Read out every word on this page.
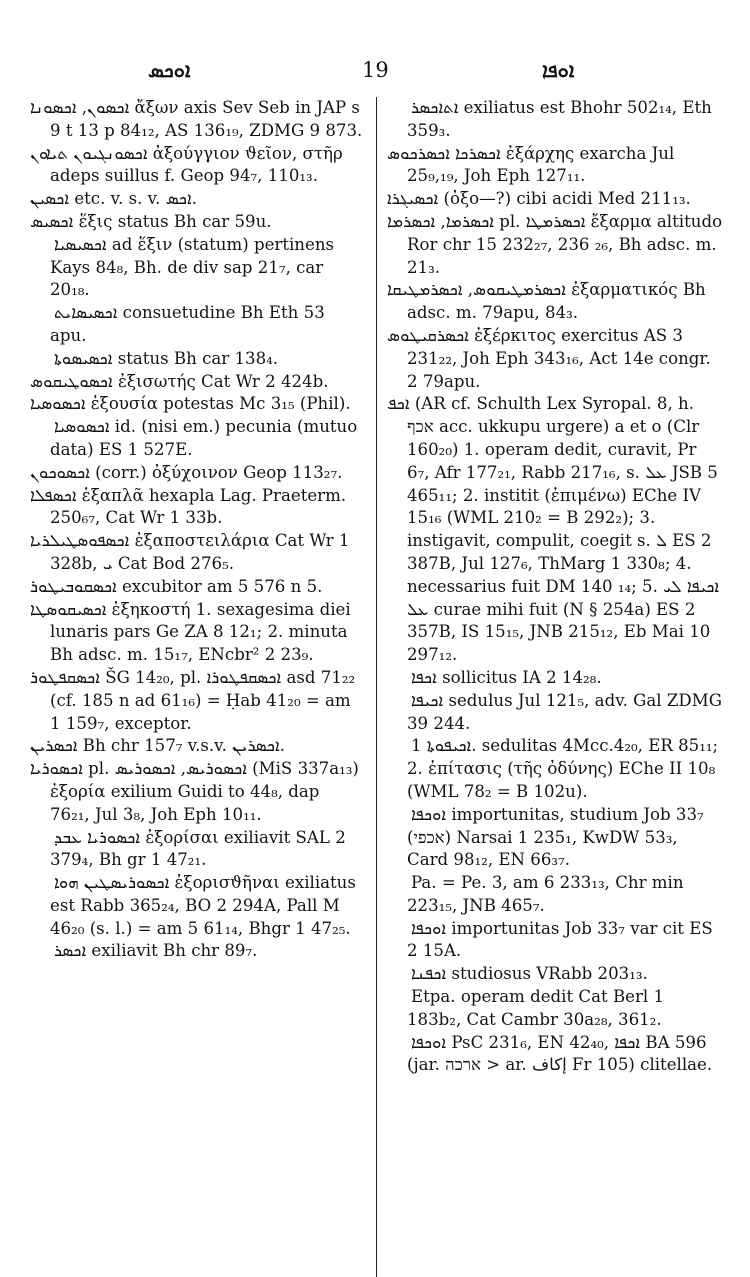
ܐܘܟܣ	19	ܐܘܦܐ
ܐܟܣܘܢ, ܐܟܣܘܢܐ ἄξων axis Sev Seb in JAP s 9 t 13 p 84₁₂, AS 136₁₉, ZDMG 9 873.
ܐܟܣܘܢܓܝܘܢ ܬܝܐܘܢ ἀξούγγιον ϑεῖον, στῆρ adeps suillus f. Geop 94₇, 110₁₃.
ܐܟܣܝܢ etc. v. s. v. ܐܟܣ.
ܐܟܣܝܣ ἕξις status Bh car 59u.
ܐܟܣܝܣܝܐ ad ἕξιν (statum) pertinens Kays 84₈, Bh. de div sap 21₇, car 20₁₈.
ܐܟܣܝܣܐܝܬ consuetudine Bh Eth 53 apu.
ܐܟܣܝܣܘܬܐ status Bh car 138₄.
ܐܟܣܘܛܝܩܘܣ ἐξισωτής Cat Wr 2 424b.
ܐܟܣܘܣܝܐ ἐξουσία potestas Mc 3₁₅ (Phil).
ܐܟܣܘܣܝܐ id. (nisi em.) pecunia (mutuo data) ES 1 527E.
ܐܟܣܘܟܘܢ (corr.) ὀξύχοινον Geop 113₂₇.
ܐܟܣܦܠܐ ἑξαπλᾶ hexapla Lag. Praeterm. 250₆₇, Cat Wr 1 33b.
ܐܟܣܦܘܣܛܝܠܪܝܐ ἐξαποστειλάρια Cat Wr 1 328b, ܝ Cat Bod 276₅.
ܐܟܣܩܘܒܝܛܘܪ excubitor am 5 576 n 5.
ܐܟܣܝܩܘܣܛܐ ἑξηκοστή 1. sexagesima diei lunaris pars Ge ZA 8 12₁; 2. minuta Bh adsc. m. 15₁₇, ENcbr² 2 23₉.
ܐܟܣܩܦܛܘܪ ŠG 14₂₀, pl. ܐܟܣܩܦܛܘܪܐ asd 71₂₂ (cf. 185 n ad 61₁₆) = Ḥab 41₂₀ = am 1 159₇, exceptor.
ܐܟܣܪܝܢ Bh chr 157₇ v.s.v. ܐܟܣܪܝܢ.
ܐܟܣܘܪܝܐ pl. ܐܟܣܘܪܝܣ, ܐܟܣܘܪܝܣ (MiS 337a₁₃) ἐξορία exilium Guidi to 44₈, dap 76₂₁, Jul 3₈, Joh Eph 10₁₁.
ܐܟܣܘܪܝܐ ܥܒܕ ἐξορίσαι exiliavit SAL 2 379₄, Bh gr 1 47₂₁.
ܐܟܣܘܪܝܣܛܝܢ ܗܘܐ ἐξορισϑῆναι exiliatus est Rabb 365₂₄, BO 2 294A, Pall M 46₂₀ (s. l.) = am 5 61₁₄, Bhgr 1 47₂₅.
ܐܟܣܪ exiliavit Bh chr 89₇.
ܐܬܐܟܣܪ exiliatus est Bhohr 502₁₄, Eth 359₃.
ܐܟܣܪܟܐ ܐܟܣܪܟܘܣ ἐξάρχης exarcha Jul 25₉,₁₉, Joh Eph 127₁₁.
ܐܟܣܝܓܪܐ (ὀξο—?) cibi acidi Med 211₁₃.
ܐܟܣܪܡܐ, ܐܟܣܪܡܐ pl. ܐܟܣܪܡܛܐ ἔξαρμα altitudo Ror chr 15 232₂₇, 236 ₂₆, Bh adsc. m. 21₃.
ܐܟܣܪܡܛܝܩܘܣ, ܐܟܣܪܡܛܝܩܐ ἐξαρματικός Bh adsc. m. 79apu, 84₃.
ܐܟܣܪܩܝܛܘܣ ἐξέρκιτος exercitus AS 3 231₂₂, Joh Eph 343₁₆, Act 14e congr. 2 79apu.
ܐܟܦ (AR cf. Schulth Lex Syropal. 8, h. אכף acc. ukkupu urgere) a et o (Clr 160₂₀) 1. operam dedit, curavit, Pr 6₇, Afr 177₂₁, Rabb 217₁₆, s. ܥܠ JSB 5 465₁₁; 2. institit (ἐπιμένω) EChe IV 15₁₆ (WML 210₂ = B 292₂); 3. instigavit, compulit, coegit s. ܠ ES 2 387B, Jul 127₆, ThMarg 1 330₈; 4. necessarius fuit DM 140 ₁₄; 5. ܐܟܝܦܐ ܠܝ ܥܠ curae mihi fuit (N § 254a) ES 2 357B, IS 15₁₅, JNB 215₁₂, Eb Mai 10 297₁₂.
ܐܟܦܐ sollicitus IA 2 14₂₈.
ܐܟܝܦܐ sedulus Jul 121₅, adv. Gal ZDMG 39 244.
ܐܟܝܦܘܬܐ 1. sedulitas 4Mcc.4₂₀, ER 85₁₁; 2. ἐπίτασις (τῆς ὀδύνης) EChe II 10₈ (WML 78₂ = B 102u).
ܐܘܟܦܐ importunitas, studium Job 33₇ (אכפי) Narsai 1 235₁, KwDW 53₃, Card 98₁₂, EN 66₃₇.
Pa. = Pe. 3, am 6 233₁₃, Chr min 223₁₅, JNB 465₇.
ܐܘܟܦܐ importunitas Job 33₇ var cit ES 2 15A.
ܐܟܦܢܐ studiosus VRabb 203₁₃.
Etpa. operam dedit Cat Berl 1 183b₂, Cat Cambr 30a₂₈, 361₂.
ܐܘܟܦܐ PsC 231₆, EN 42₄₀, ܐܟܦܐ BA 596 (jar. ארכה > ar. إكاف Fr 105) clitellae.
